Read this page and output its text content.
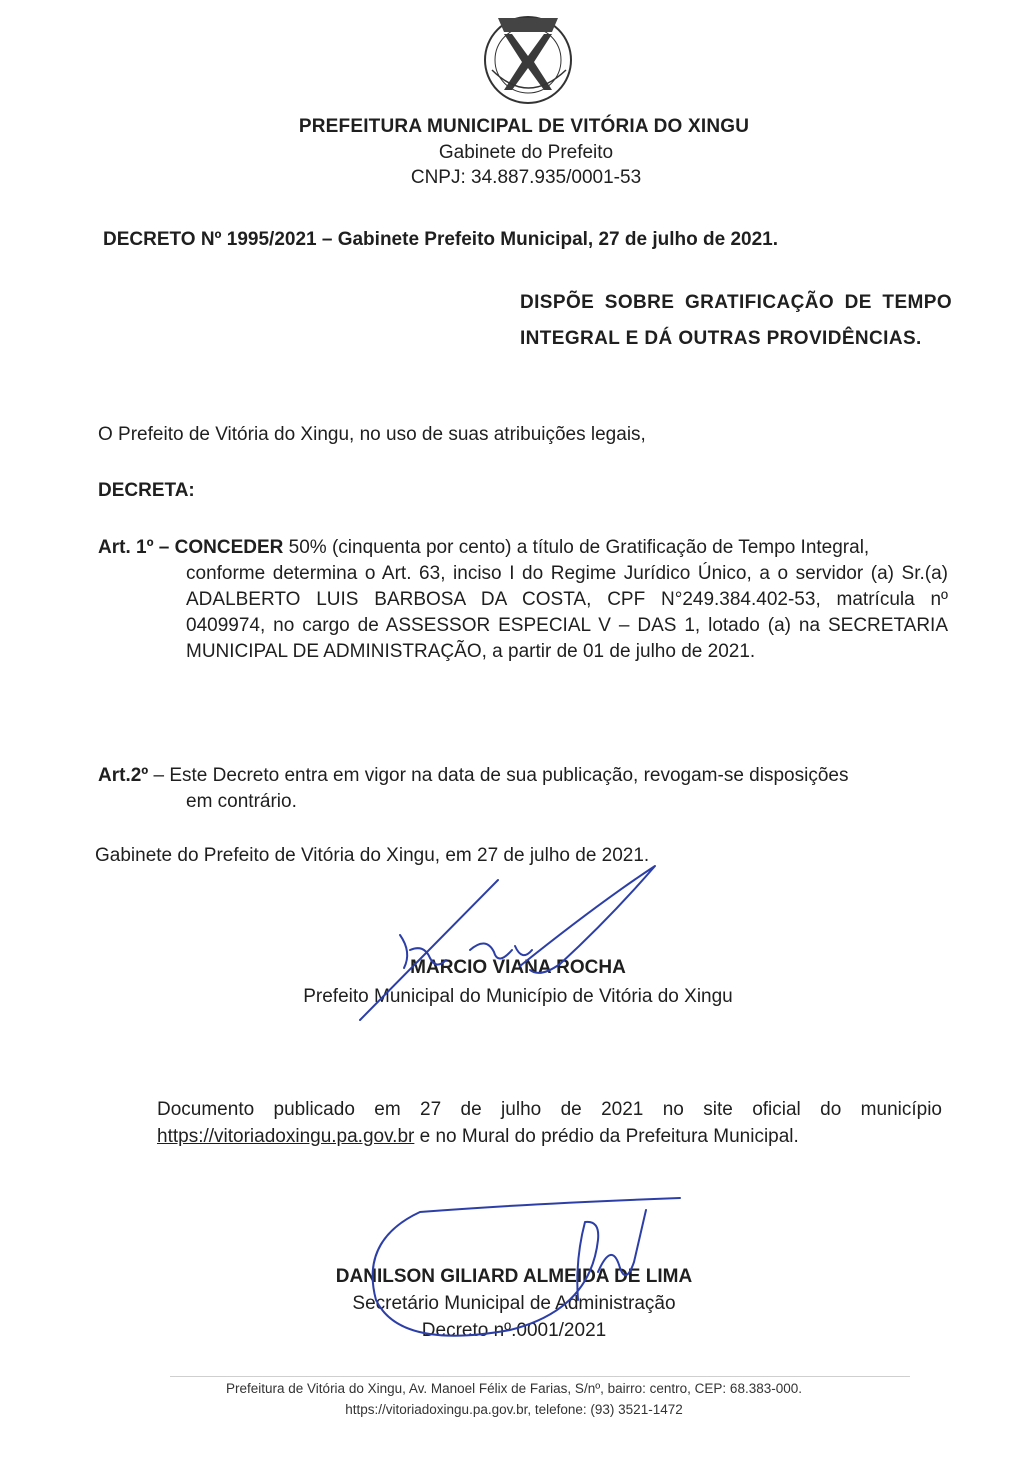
PREFEITURA MUNICIPAL DE VITÓRIA DO XINGU
Gabinete do Prefeito
CNPJ: 34.887.935/0001-53
DECRETO Nº 1995/2021 – Gabinete Prefeito Municipal, 27 de julho de 2021.
DISPÕE SOBRE GRATIFICAÇÃO DE TEMPO INTEGRAL E DÁ OUTRAS PROVIDÊNCIAS.
O Prefeito de Vitória do Xingu, no uso de suas atribuições legais,
DECRETA:
Art. 1º – CONCEDER 50% (cinquenta por cento) a título de Gratificação de Tempo Integral,
conforme determina o Art. 63, inciso I do Regime Jurídico Único, a o servidor (a) Sr.(a) ADALBERTO LUIS BARBOSA DA COSTA, CPF N°249.384.402-53, matrícula nº 0409974, no cargo de ASSESSOR ESPECIAL V – DAS 1, lotado (a) na SECRETARIA MUNICIPAL DE ADMINISTRAÇÃO, a partir de 01 de julho de 2021.
Art.2º – Este Decreto entra em vigor na data de sua publicação, revogam-se disposições
em contrário.
Gabinete do Prefeito de Vitória do Xingu, em 27 de julho de 2021.
MARCIO VIANA ROCHA
Prefeito Municipal do Município de Vitória do Xingu
Documento publicado em 27 de julho de 2021 no site oficial do município https://vitoriadoxingu.pa.gov.br e no Mural do prédio da Prefeitura Municipal.
DANILSON GILIARD ALMEIDA DE LIMA
Secretário Municipal de Administração
Decreto nº.0001/2021
Prefeitura de Vitória do Xingu, Av. Manoel Félix de Farias, S/nº, bairro: centro, CEP: 68.383-000.
https://vitoriadoxingu.pa.gov.br, telefone: (93) 3521-1472
